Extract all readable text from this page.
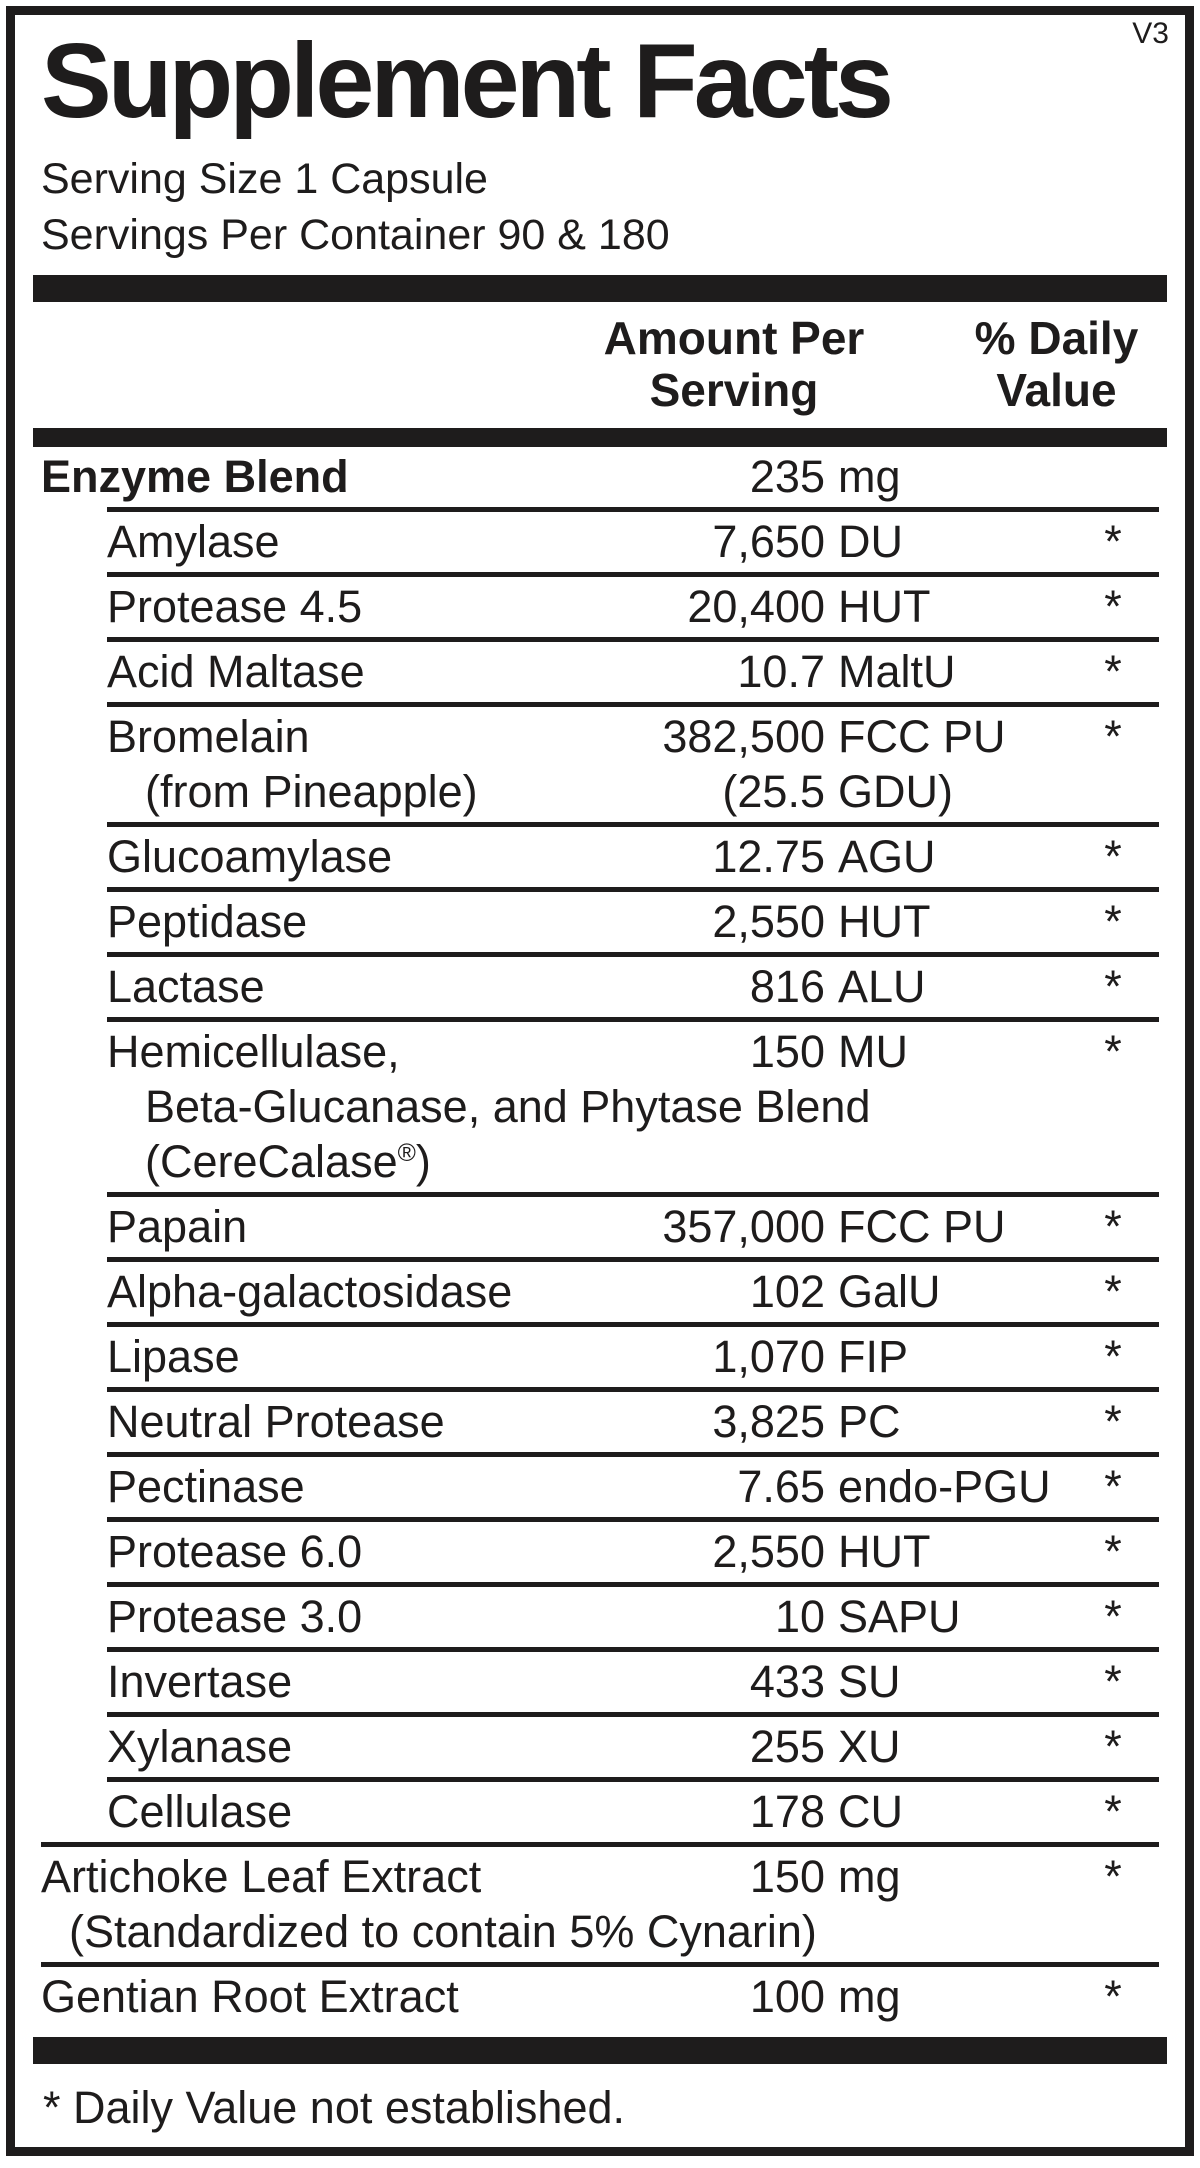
V3
Supplement Facts
Serving Size 1 Capsule
Servings Per Container 90 & 180
Amount Per
Serving
% Daily
Value
Enzyme Blend	235 mg
Amylase	7,650 DU	*
Protease 4.5	20,400 HUT	*
Acid Maltase	10.7 MaltU	*
Bromelain	382,500 FCC PU	*
(from Pineapple)	(25.5 GDU)
Glucoamylase	12.75 AGU	*
Peptidase	2,550 HUT	*
Lactase	816 ALU	*
Hemicellulase,	150 MU	*
Beta-Glucanase, and Phytase Blend
(CereCalase®)
Papain	357,000 FCC PU	*
Alpha-galactosidase	102 GalU	*
Lipase	1,070 FIP	*
Neutral Protease	3,825 PC	*
Pectinase	7.65 endo-PGU	*
Protease 6.0	2,550 HUT	*
Protease 3.0	10 SAPU	*
Invertase	433 SU	*
Xylanase	255 XU	*
Cellulase	178 CU	*
Artichoke Leaf Extract	150 mg	*
(Standardized to contain 5% Cynarin)
Gentian Root Extract	100 mg	*
* Daily Value not established.
